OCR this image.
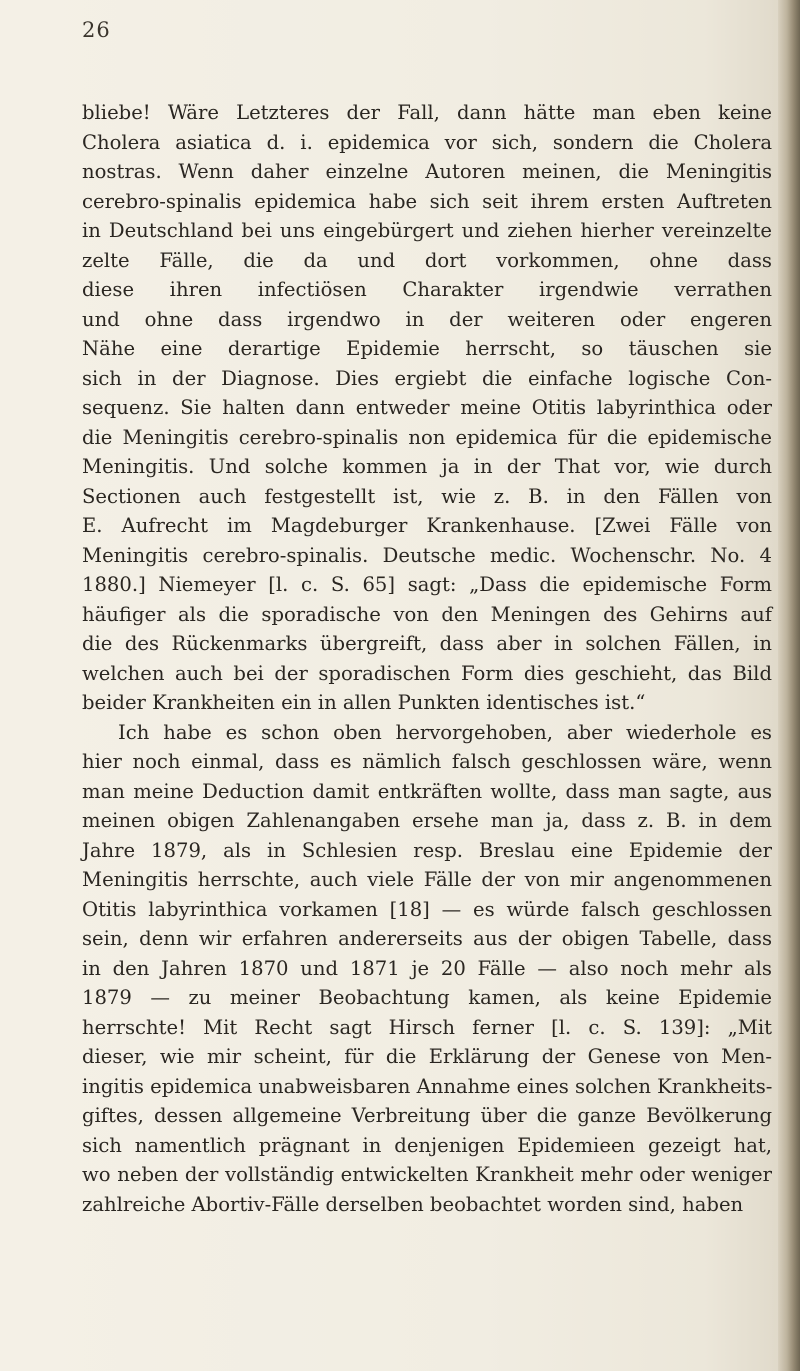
26
bliebe! Wäre Letzteres der Fall, dann hätte man eben keine
Cholera asiatica d. i. epidemica vor sich, sondern die Cholera
nostras. Wenn daher einzelne Autoren meinen, die Meningitis
cerebro-spinalis epidemica habe sich seit ihrem ersten Auftreten
in Deutschland bei uns eingebürgert und ziehen hierher vereinzelte
zelte Fälle, die da und dort vorkommen, ohne dass
diese ihren infectiösen Charakter irgendwie verrathen
und ohne dass irgendwo in der weiteren oder engeren
Nähe eine derartige Epidemie herrscht, so täuschen sie
sich in der Diagnose. Dies ergiebt die einfache logische Con-
sequenz. Sie halten dann entweder meine Otitis labyrinthica oder
die Meningitis cerebro-spinalis non epidemica für die epidemische
Meningitis. Und solche kommen ja in der That vor, wie durch
Sectionen auch festgestellt ist, wie z. B. in den Fällen von
E. Aufrecht im Magdeburger Krankenhause. [Zwei Fälle von
Meningitis cerebro-spinalis. Deutsche medic. Wochenschr. No. 4
1880.] Niemeyer [l. c. S. 65] sagt: „Dass die epidemische Form
häufiger als die sporadische von den Meningen des Gehirns auf
die des Rückenmarks übergreift, dass aber in solchen Fällen, in
welchen auch bei der sporadischen Form dies geschieht, das Bild
beider Krankheiten ein in allen Punkten identisches ist.“
Ich habe es schon oben hervorgehoben, aber wiederhole es
hier noch einmal, dass es nämlich falsch geschlossen wäre, wenn
man meine Deduction damit entkräften wollte, dass man sagte, aus
meinen obigen Zahlenangaben ersehe man ja, dass z. B. in dem
Jahre 1879, als in Schlesien resp. Breslau eine Epidemie der
Meningitis herrschte, auch viele Fälle der von mir angenommenen
Otitis labyrinthica vorkamen [18] — es würde falsch geschlossen
sein, denn wir erfahren andererseits aus der obigen Tabelle, dass
in den Jahren 1870 und 1871 je 20 Fälle — also noch mehr als
1879 — zu meiner Beobachtung kamen, als keine Epidemie
herrschte! Mit Recht sagt Hirsch ferner [l. c. S. 139]: „Mit
dieser, wie mir scheint, für die Erklärung der Genese von Men-
ingitis epidemica unabweisbaren Annahme eines solchen Krankheits-
giftes, dessen allgemeine Verbreitung über die ganze Bevölkerung
sich namentlich prägnant in denjenigen Epidemieen gezeigt hat,
wo neben der vollständig entwickelten Krankheit mehr oder weniger
zahlreiche Abortiv-Fälle derselben beobachtet worden sind, haben
